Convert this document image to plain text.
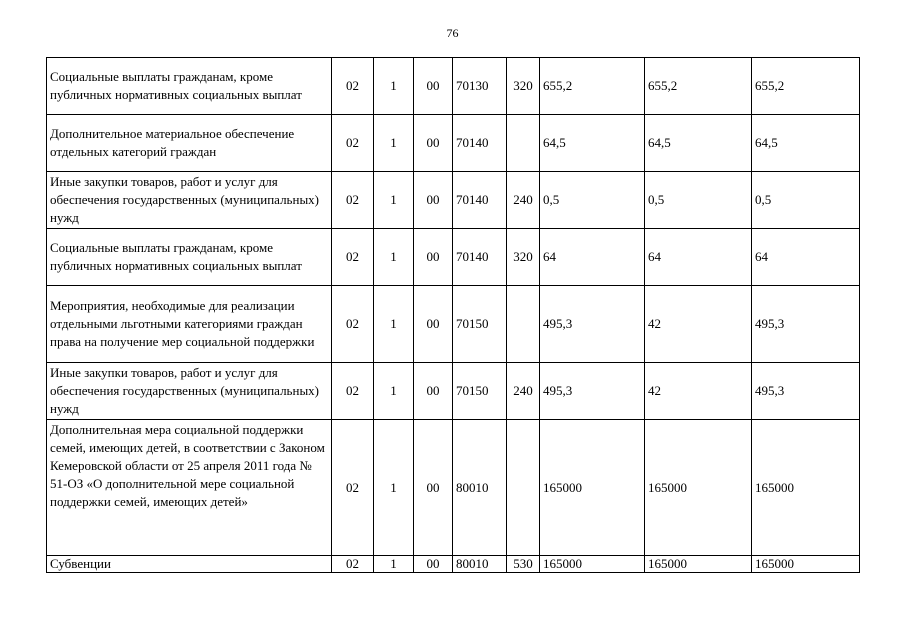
76
Социальные выплаты гражданам, кроме публичных нормативных социальных выплат	02	1	00	70130	320	655,2	655,2	655,2
Дополнительное материальное обеспечение отдельных категорий граждан	02	1	00	70140		64,5	64,5	64,5
Иные закупки товаров, работ и услуг для обеспечения государственных (муниципальных) нужд	02	1	00	70140	240	0,5	0,5	0,5
Социальные выплаты гражданам, кроме публичных нормативных социальных выплат	02	1	00	70140	320	64	64	64
Мероприятия, необходимые для реализации отдельными льготными категориями граждан права на получение мер социальной поддержки	02	1	00	70150		495,3	42	495,3
Иные закупки товаров, работ и услуг для обеспечения государственных (муниципальных) нужд	02	1	00	70150	240	495,3	42	495,3
Дополнительная мера социальной поддержки семей, имеющих детей, в соответствии с Законом Кемеровской области от 25 апреля 2011 года № 51-ОЗ «О дополнительной мере социальной поддержки семей, имеющих детей»	02	1	00	80010		165000	165000	165000
Субвенции	02	1	00	80010	530	165000	165000	165000
